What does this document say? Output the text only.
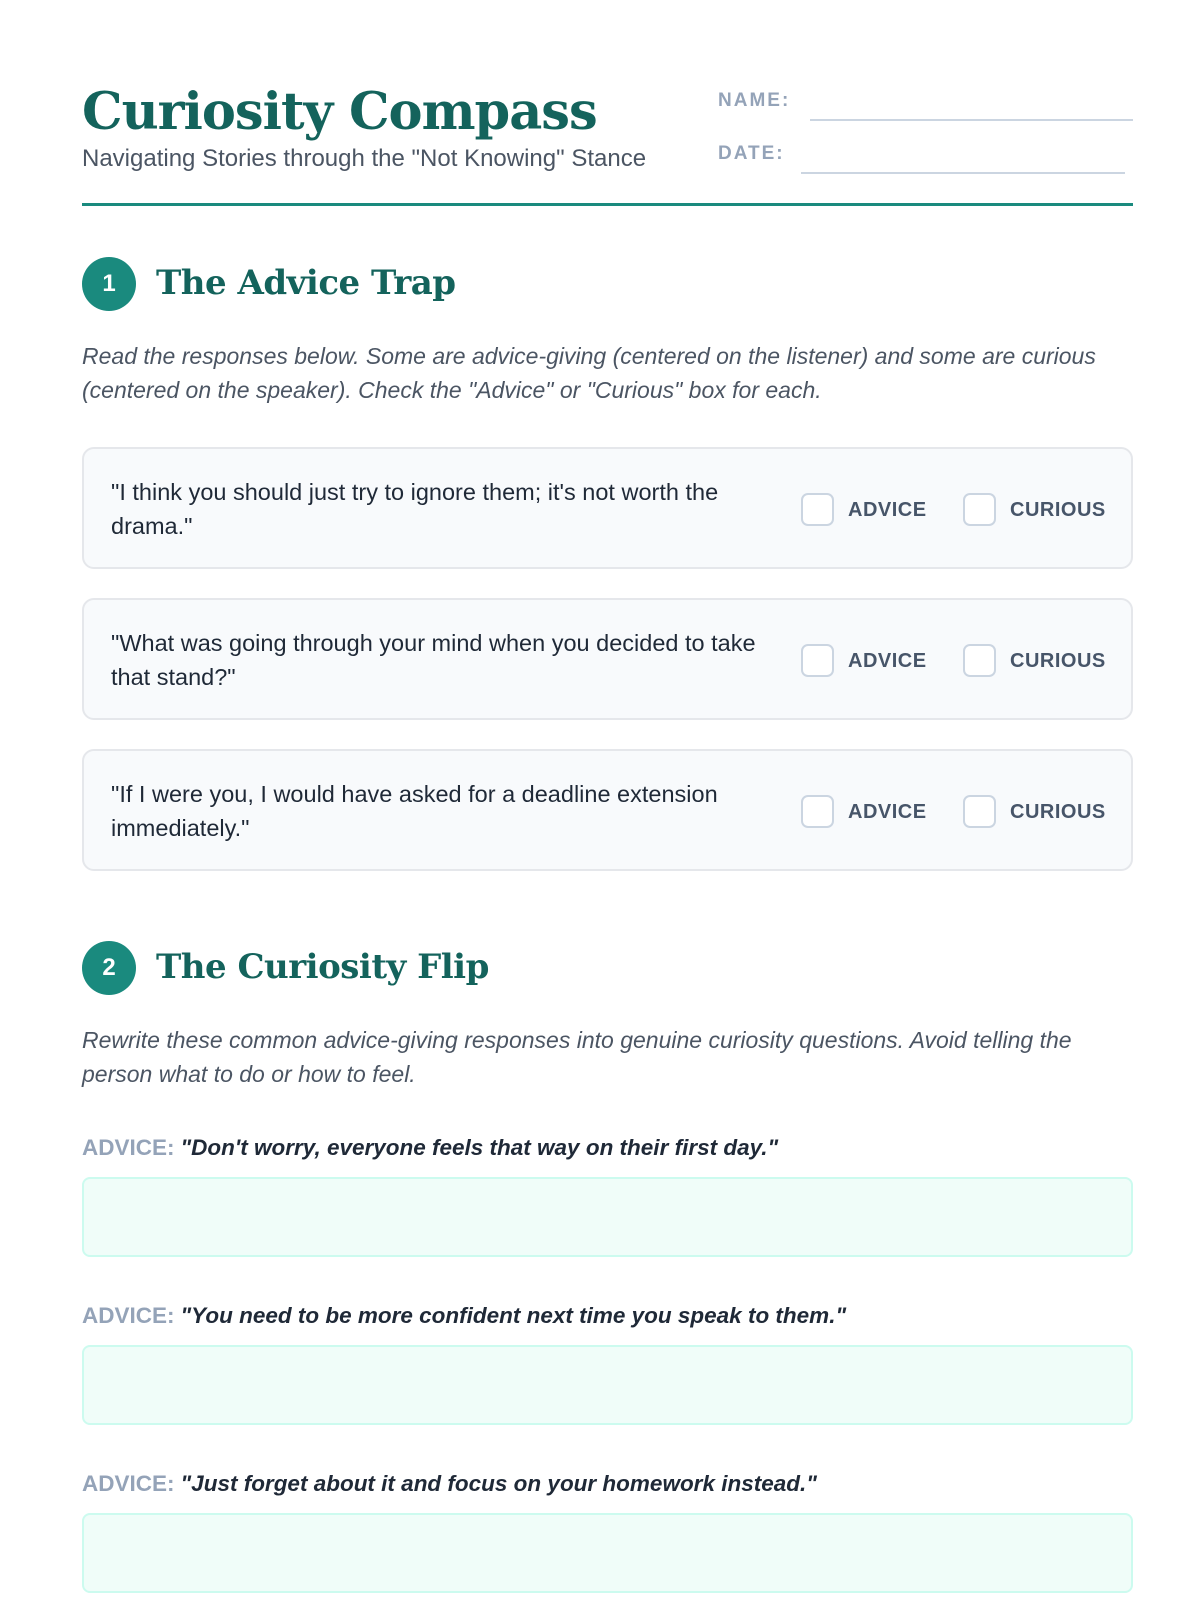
Curiosity Compass
Navigating Stories through the "Not Knowing" Stance
NAME:
DATE:
1	The Advice Trap
Read the responses below. Some are advice-giving (centered on the listener) and some are curious (centered on the speaker). Check the "Advice" or "Curious" box for each.
"I think you should just try to ignore them; it's not worth the drama."
ADVICE	CURIOUS
"What was going through your mind when you decided to take that stand?"
ADVICE	CURIOUS
"If I were you, I would have asked for a deadline extension immediately."
ADVICE	CURIOUS
2	The Curiosity Flip
Rewrite these common advice-giving responses into genuine curiosity questions. Avoid telling the person what to do or how to feel.
ADVICE: "Don't worry, everyone feels that way on their first day."
ADVICE: "You need to be more confident next time you speak to them."
ADVICE: "Just forget about it and focus on your homework instead."
